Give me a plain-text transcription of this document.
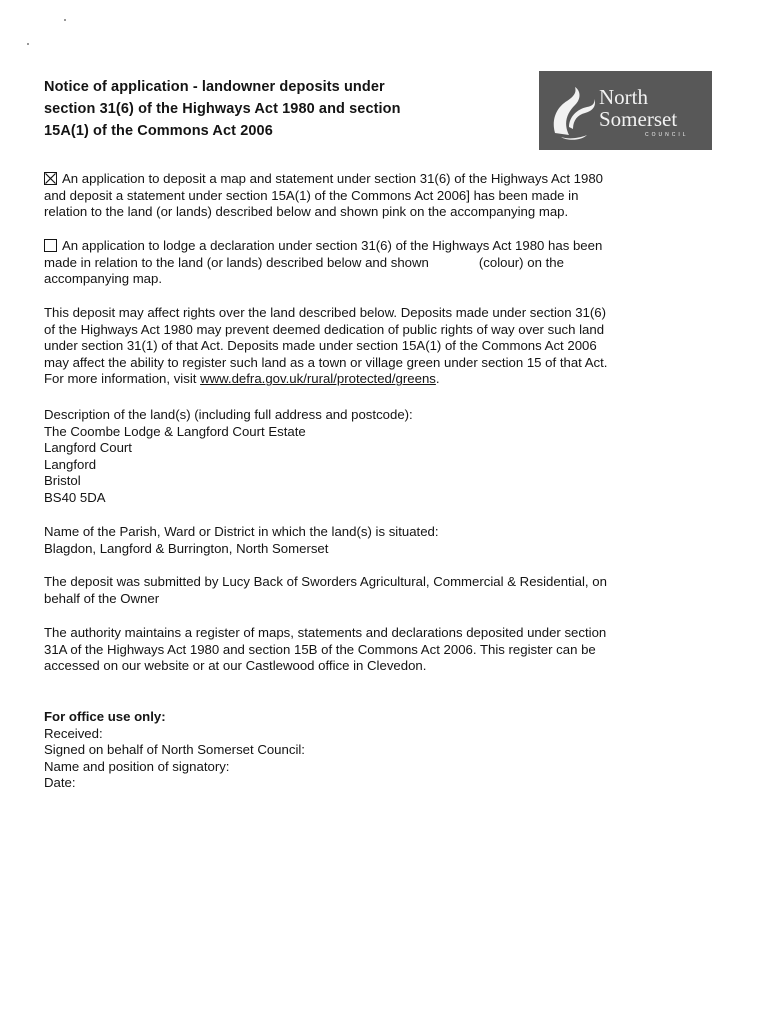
Notice of application - landowner deposits under
section 31(6) of the Highways Act 1980 and section
15A(1) of the Commons Act 2006
North
Somerset
COUNCIL
An application to deposit a map and statement under section 31(6) of the Highways Act 1980
and deposit a statement under section 15A(1) of the Commons Act 2006] has been made in
relation to the land (or lands) described below and shown pink on the accompanying map.
An application to lodge a declaration under section 31(6) of the Highways Act 1980 has been
made in relation to the land (or lands) described below and shown	(colour) on the
accompanying map.
This deposit may affect rights over the land described below. Deposits made under section 31(6)
of the Highways Act 1980 may prevent deemed dedication of public rights of way over such land
under section 31(1) of that Act. Deposits made under section 15A(1) of the Commons Act 2006
may affect the ability to register such land as a town or village green under section 15 of that Act.
For more information, visit www.defra.gov.uk/rural/protected/greens.
Description of the land(s) (including full address and postcode):
The Coombe Lodge & Langford Court Estate
Langford Court
Langford
Bristol
BS40 5DA
Name of the Parish, Ward or District in which the land(s) is situated:
Blagdon, Langford & Burrington, North Somerset
The deposit was submitted by Lucy Back of Sworders Agricultural, Commercial & Residential, on
behalf of the Owner
The authority maintains a register of maps, statements and declarations deposited under section
31A of the Highways Act 1980 and section 15B of the Commons Act 2006. This register can be
accessed on our website or at our Castlewood office in Clevedon.
For office use only:
Received:
Signed on behalf of North Somerset Council:
Name and position of signatory:
Date:
